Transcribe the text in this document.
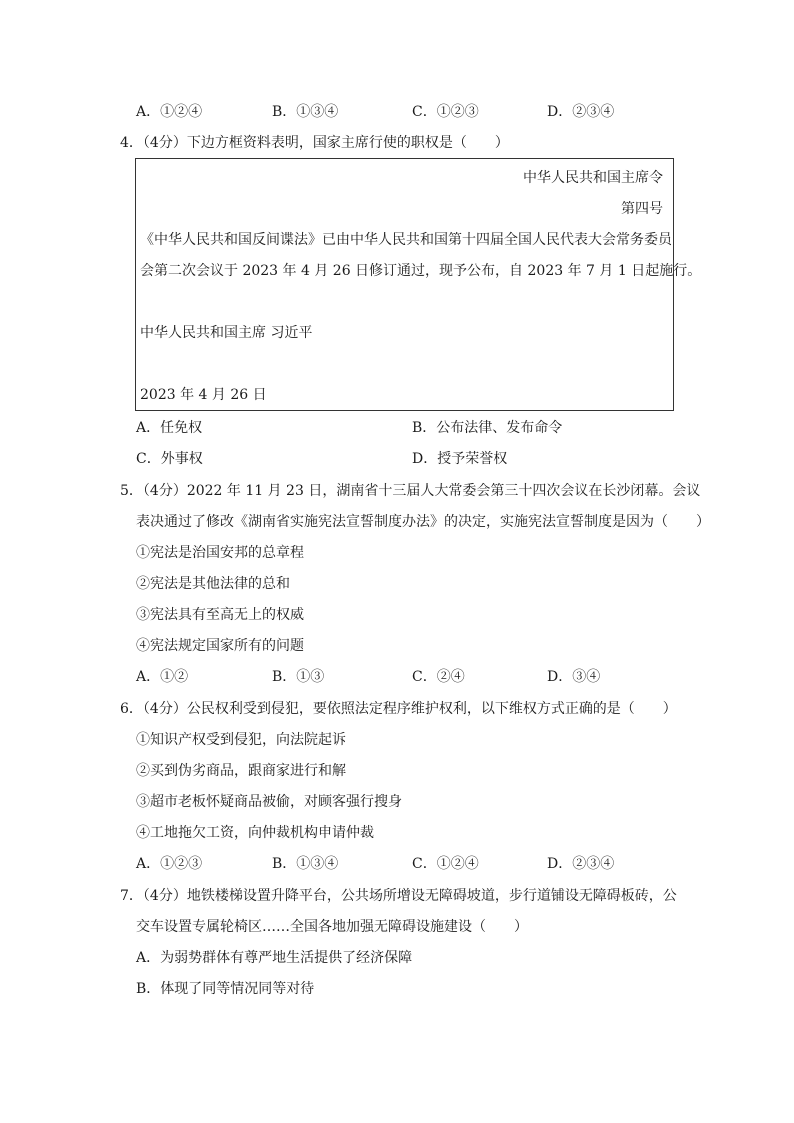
A．①②④	B．①③④	C．①②③	D．②③④
4．（4分）下边方框资料表明，国家主席行使的职权是（　　）
中华人民共和国主席令
第四号
《中华人民共和国反间谍法》已由中华人民共和国第十四届全国人民代表大会常务委员
会第二次会议于 2023 年 4 月 26 日修订通过，现予公布，自 2023 年 7 月 1 日起施行。
中华人民共和国主席 习近平
2023 年 4 月 26 日
A．任免权	B．公布法律、发布命令
C．外事权	D．授予荣誉权
5．（4分）2022 年 11 月 23 日，湖南省十三届人大常委会第三十四次会议在长沙闭幕。会议
表决通过了修改《湖南省实施宪法宣誓制度办法》的决定，实施宪法宣誓制度是因为（　　）
①宪法是治国安邦的总章程
②宪法是其他法律的总和
③宪法具有至高无上的权威
④宪法规定国家所有的问题
A．①②	B．①③	C．②④	D．③④
6．（4分）公民权利受到侵犯，要依照法定程序维护权利，以下维权方式正确的是（　　）
①知识产权受到侵犯，向法院起诉
②买到伪劣商品，跟商家进行和解
③超市老板怀疑商品被偷，对顾客强行搜身
④工地拖欠工资，向仲裁机构申请仲裁
A．①②③	B．①③④	C．①②④	D．②③④
7．（4分）地铁楼梯设置升降平台，公共场所增设无障碍坡道，步行道铺设无障碍板砖，公
交车设置专属轮椅区……全国各地加强无障碍设施建设（　　）
A．为弱势群体有尊严地生活提供了经济保障
B．体现了同等情况同等对待
